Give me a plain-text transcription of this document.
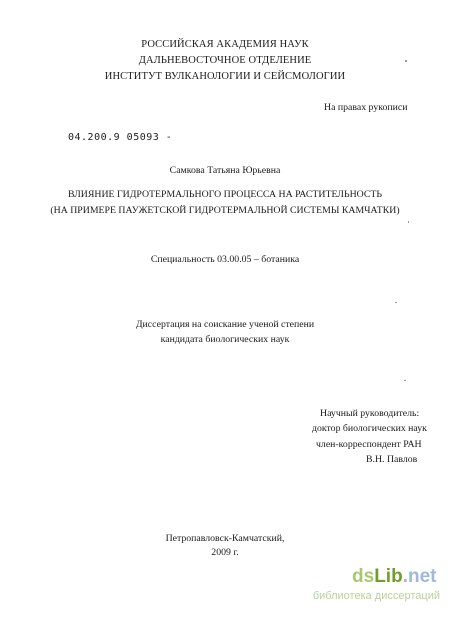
РОССИЙСКАЯ АКАДЕМИЯ НАУК
ДАЛЬНЕВОСТОЧНОЕ ОТДЕЛЕНИЕ
ИНСТИТУТ ВУЛКАНОЛОГИИ И СЕЙСМОЛОГИИ
На правах рукописи
04.200.9 05093 -
Самкова Татьяна Юрьевна
ВЛИЯНИЕ ГИДРОТЕРМАЛЬНОГО ПРОЦЕССА НА РАСТИТЕЛЬНОСТЬ
(НА ПРИМЕРЕ ПАУЖЕТСКОЙ ГИДРОТЕРМАЛЬНОЙ СИСТЕМЫ КАМЧАТКИ)
Специальность 03.00.05 – ботаника
Диссертация на соискание ученой степени
кандидата биологических наук
Научный руководитель:
доктор биологических наук
член-корреспондент РАН
В.Н. Павлов
Петропавловск-Камчатский,
2009 г.
dsLib.net
библиотека диссертаций
